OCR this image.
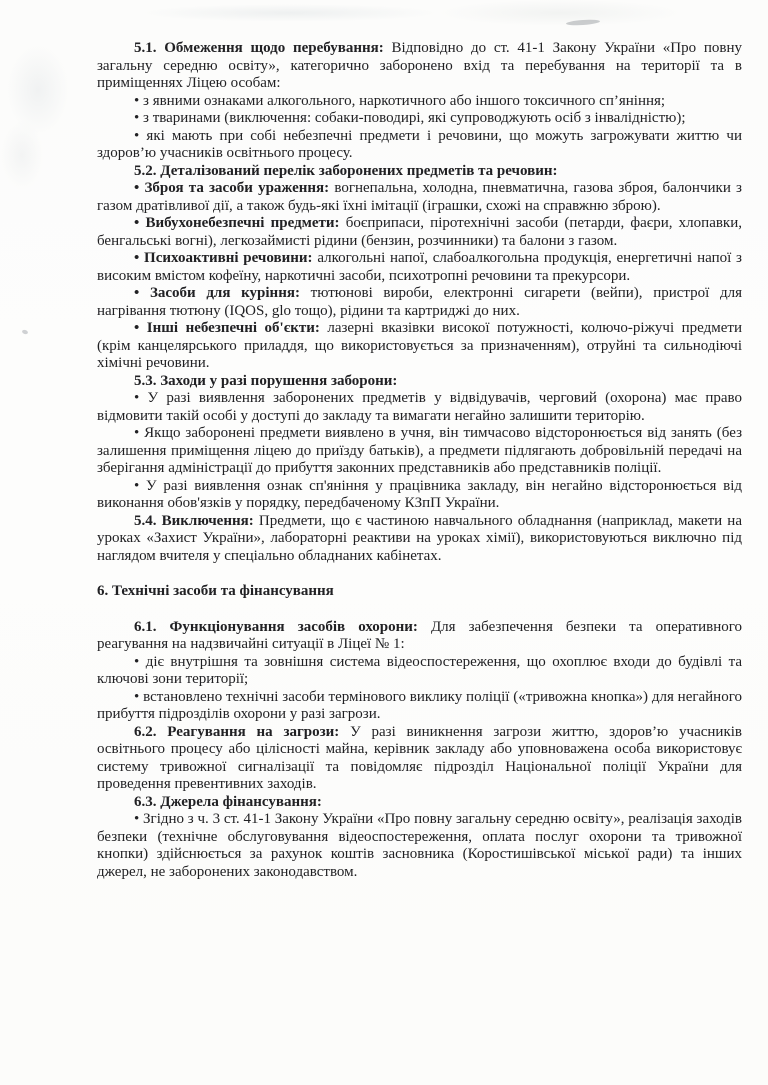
5.1. Обмеження щодо перебування: Відповідно до ст. 41-1 Закону України «Про повну загальну середню освіту», категорично заборонено вхід та перебування на території та в приміщеннях Ліцею особам:
• з явними ознаками алкогольного, наркотичного або іншого токсичного сп’яніння;
• з тваринами (виключення: собаки-поводирі, які супроводжують осіб з інвалідністю);
• які мають при собі небезпечні предмети і речовини, що можуть загрожувати життю чи здоров’ю учасників освітнього процесу.
5.2. Деталізований перелік заборонених предметів та речовин:
• Зброя та засоби ураження: вогнепальна, холодна, пневматична, газова зброя, балончики з газом дратівливої дії, а також будь-які їхні імітації (іграшки, схожі на справжню зброю).
• Вибухонебезпечні предмети: боєприпаси, піротехнічні засоби (петарди, фаєри, хлопавки, бенгальські вогні), легкозаймисті рідини (бензин, розчинники) та балони з газом.
• Психоактивні речовини: алкогольні напої, слабоалкогольна продукція, енергетичні напої з високим вмістом кофеїну, наркотичні засоби, психотропні речовини та прекурсори.
• Засоби для куріння: тютюнові вироби, електронні сигарети (вейпи), пристрої для нагрівання тютюну (IQOS, glo тощо), рідини та картриджі до них.
• Інші небезпечні об'єкти: лазерні вказівки високої потужності, колючо-ріжучі предмети (крім канцелярського приладдя, що використовується за призначенням), отруйні та сильнодіючі хімічні речовини.
5.3. Заходи у разі порушення заборони:
• У разі виявлення заборонених предметів у відвідувачів, черговий (охорона) має право відмовити такій особі у доступі до закладу та вимагати негайно залишити територію.
• Якщо заборонені предмети виявлено в учня, він тимчасово відсторонюється від занять (без залишення приміщення ліцею до приїзду батьків), а предмети підлягають добровільній передачі на зберігання адміністрації до прибуття законних представників або представників поліції.
• У разі виявлення ознак сп'яніння у працівника закладу, він негайно відсторонюється від виконання обов'язків у порядку, передбаченому КЗпП України.
5.4. Виключення: Предмети, що є частиною навчального обладнання (наприклад, макети на уроках «Захист України», лабораторні реактиви на уроках хімії), використовуються виключно під наглядом вчителя у спеціально обладнаних кабінетах.
6. Технічні засоби та фінансування
6.1. Функціонування засобів охорони: Для забезпечення безпеки та оперативного реагування на надзвичайні ситуації в Ліцеї № 1:
• діє внутрішня та зовнішня система відеоспостереження, що охоплює входи до будівлі та ключові зони території;
• встановлено технічні засоби термінового виклику поліції («тривожна кнопка») для негайного прибуття підрозділів охорони у разі загрози.
6.2. Реагування на загрози: У разі виникнення загрози життю, здоров’ю учасників освітнього процесу або цілісності майна, керівник закладу або уповноважена особа використовує систему тривожної сигналізації та повідомляє підрозділ Національної поліції України для проведення превентивних заходів.
6.3. Джерела фінансування:
• Згідно з ч. 3 ст. 41-1 Закону України «Про повну загальну середню освіту», реалізація заходів безпеки (технічне обслуговування відеоспостереження, оплата послуг охорони та тривожної кнопки) здійснюється за рахунок коштів засновника (Коростишівської міської ради) та інших джерел, не заборонених законодавством.
